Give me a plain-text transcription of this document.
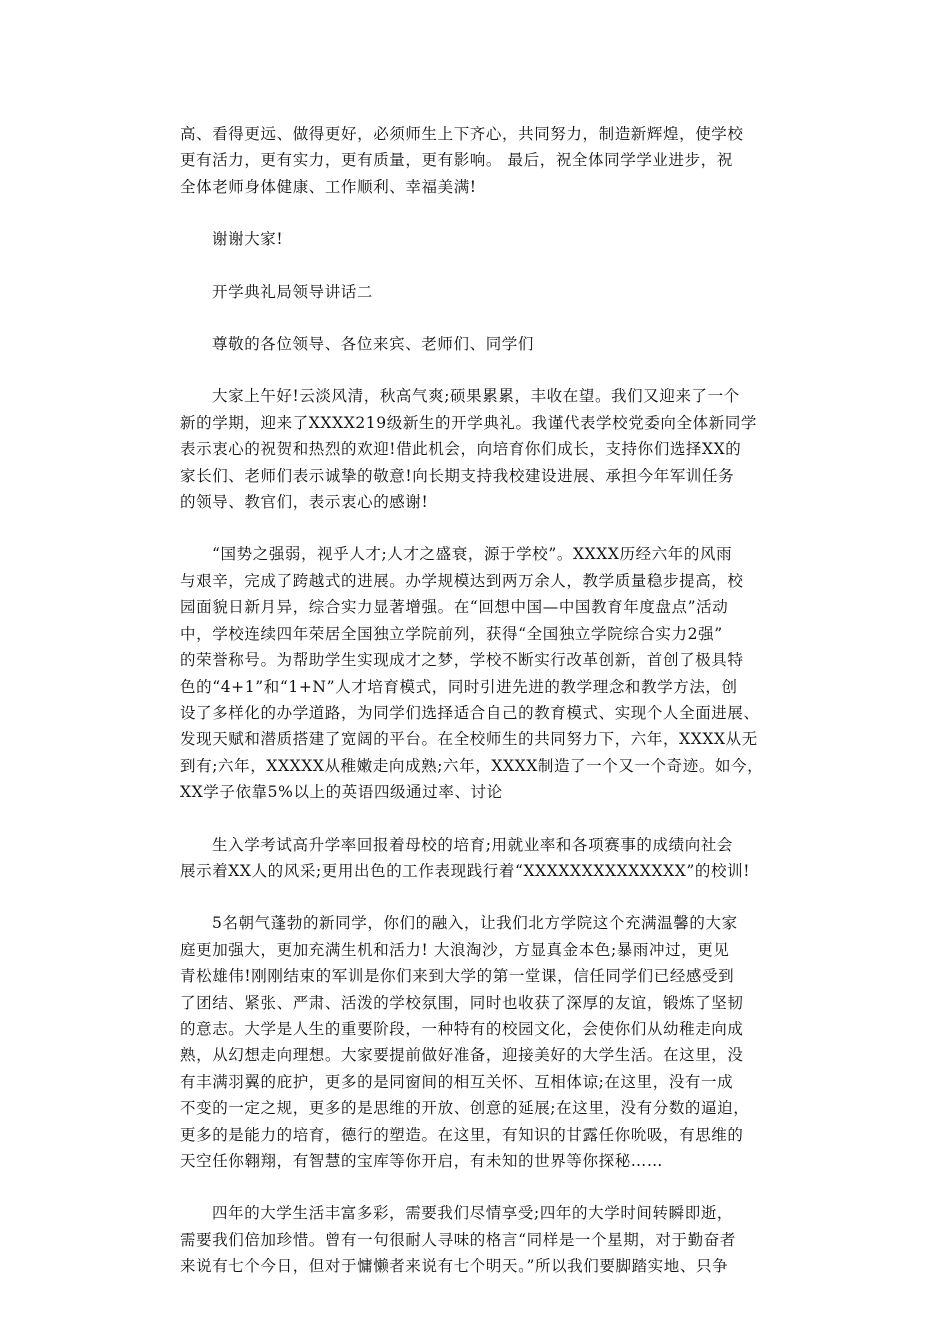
高、看得更远、做得更好，必须师生上下齐心，共同努力，制造新辉煌，使学校
更有活力，更有实力，更有质量，更有影响。 最后，祝全体同学学业进步，祝
全体老师身体健康、工作顺利、幸福美满!
谢谢大家!
开学典礼局领导讲话二
尊敬的各位领导、各位来宾、老师们、同学们
大家上午好!云淡风清，秋高气爽;硕果累累，丰收在望。我们又迎来了一个
新的学期，迎来了XXXX219级新生的开学典礼。我谨代表学校党委向全体新同学
表示衷心的祝贺和热烈的欢迎!借此机会，向培育你们成长，支持你们选择XX的
家长们、老师们表示诚挚的敬意!向长期支持我校建设进展、承担今年军训任务
的领导、教官们，表示衷心的感谢!
“国势之强弱，视乎人才;人才之盛衰，源于学校”。XXXX历经六年的风雨
与艰辛，完成了跨越式的进展。办学规模达到两万余人，教学质量稳步提高，校
园面貌日新月异，综合实力显著增强。在“回想中国—中国教育年度盘点”活动
中，学校连续四年荣居全国独立学院前列，获得“全国独立学院综合实力2强”
的荣誉称号。为帮助学生实现成才之梦，学校不断实行改革创新，首创了极具特
色的“4+1”和“1+N”人才培育模式，同时引进先进的教学理念和教学方法，创
设了多样化的办学道路，为同学们选择适合自己的教育模式、实现个人全面进展、
发现天赋和潜质搭建了宽阔的平台。在全校师生的共同努力下，六年，XXXX从无
到有;六年，XXXXX从稚嫩走向成熟;六年，XXXX制造了一个又一个奇迹。如今，
XX学子依靠5%以上的英语四级通过率、讨论
生入学考试高升学率回报着母校的培育;用就业率和各项赛事的成绩向社会
展示着XX人的风采;更用出色的工作表现践行着“XXXXXXXXXXXXXX”的校训!
5名朝气蓬勃的新同学，你们的融入，让我们北方学院这个充满温馨的大家
庭更加强大，更加充满生机和活力! 大浪淘沙，方显真金本色;暴雨冲过，更见
青松雄伟!刚刚结束的军训是你们来到大学的第一堂课，信任同学们已经感受到
了团结、紧张、严肃、活泼的学校氛围，同时也收获了深厚的友谊，锻炼了坚韧
的意志。大学是人生的重要阶段，一种特有的校园文化，会使你们从幼稚走向成
熟，从幻想走向理想。大家要提前做好准备，迎接美好的大学生活。在这里，没
有丰满羽翼的庇护，更多的是同窗间的相互关怀、互相体谅;在这里，没有一成
不变的一定之规，更多的是思维的开放、创意的延展;在这里，没有分数的逼迫，
更多的是能力的培育，德行的塑造。在这里，有知识的甘露任你吮吸，有思维的
天空任你翱翔，有智慧的宝库等你开启，有未知的世界等你探秘……
四年的大学生活丰富多彩，需要我们尽情享受;四年的大学时间转瞬即逝，
需要我们倍加珍惜。曾有一句很耐人寻味的格言“同样是一个星期，对于勤奋者
来说有七个今日，但对于慵懒者来说有七个明天。”所以我们要脚踏实地、只争
